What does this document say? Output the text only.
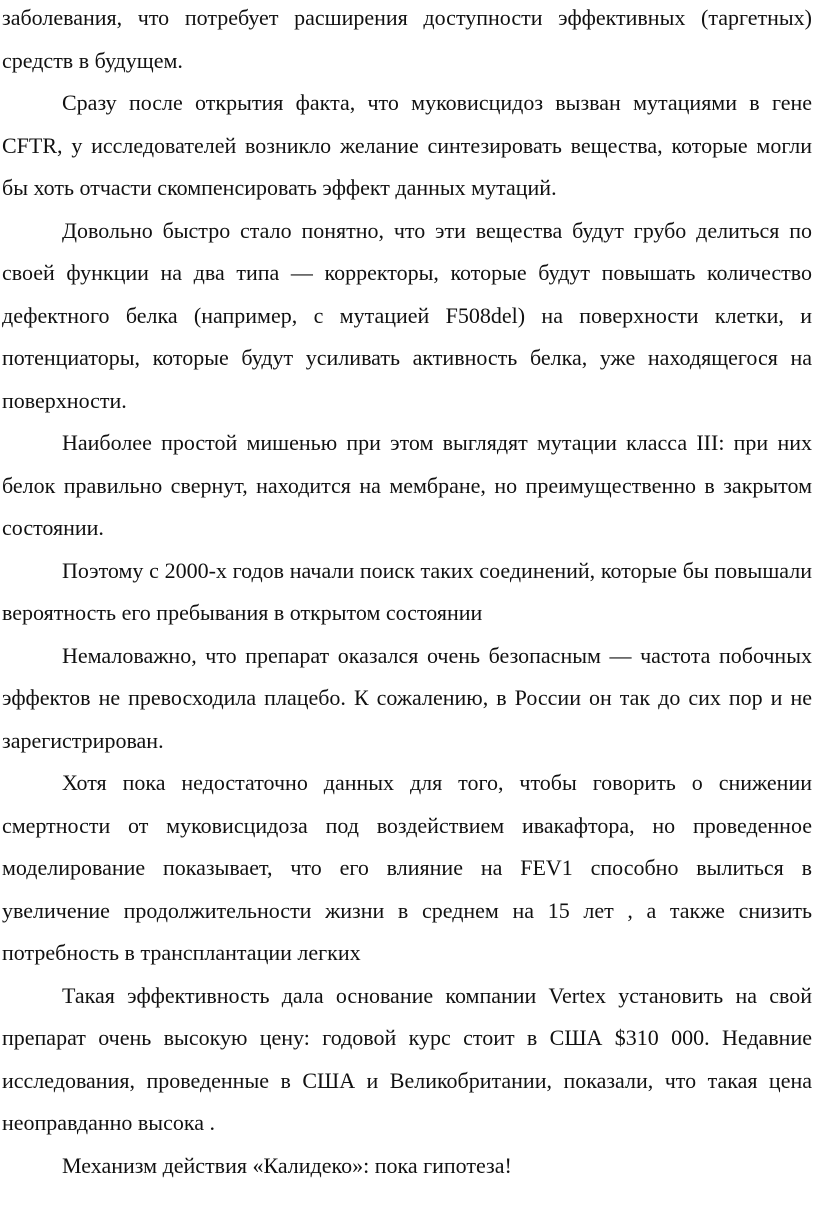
заболевания, что потребует расширения доступности эффективных (таргетных) средств в будущем.

Сразу после открытия факта, что муковисцидоз вызван мутациями в гене CFTR, у исследователей возникло желание синтезировать вещества, которые могли бы хоть отчасти скомпенсировать эффект данных мутаций.

Довольно быстро стало понятно, что эти вещества будут грубо делиться по своей функции на два типа — корректоры, которые будут повышать количество дефектного белка (например, с мутацией F508del) на поверхности клетки, и потенциаторы, которые будут усиливать активность белка, уже находящегося на поверхности.

Наиболее простой мишенью при этом выглядят мутации класса III: при них белок правильно свернут, находится на мембране, но преимущественно в закрытом состоянии.

Поэтому с 2000-х годов начали поиск таких соединений, которые бы повышали вероятность его пребывания в открытом состоянии

Немаловажно, что препарат оказался очень безопасным — частота побочных эффектов не превосходила плацебо. К сожалению, в России он так до сих пор и не зарегистрирован.

Хотя пока недостаточно данных для того, чтобы говорить о снижении смертности от муковисцидоза под воздействием ивакафтора, но проведенное моделирование показывает, что его влияние на FEV1 способно вылиться в увеличение продолжительности жизни в среднем на 15 лет , а также снизить потребность в трансплантации легких

Такая эффективность дала основание компании Vertex установить на свой препарат очень высокую цену: годовой курс стоит в США $310 000. Недавние исследования, проведенные в США и Великобритании, показали, что такая цена неоправданно высока .

Механизм действия «Калидеко»: пока гипотеза!
